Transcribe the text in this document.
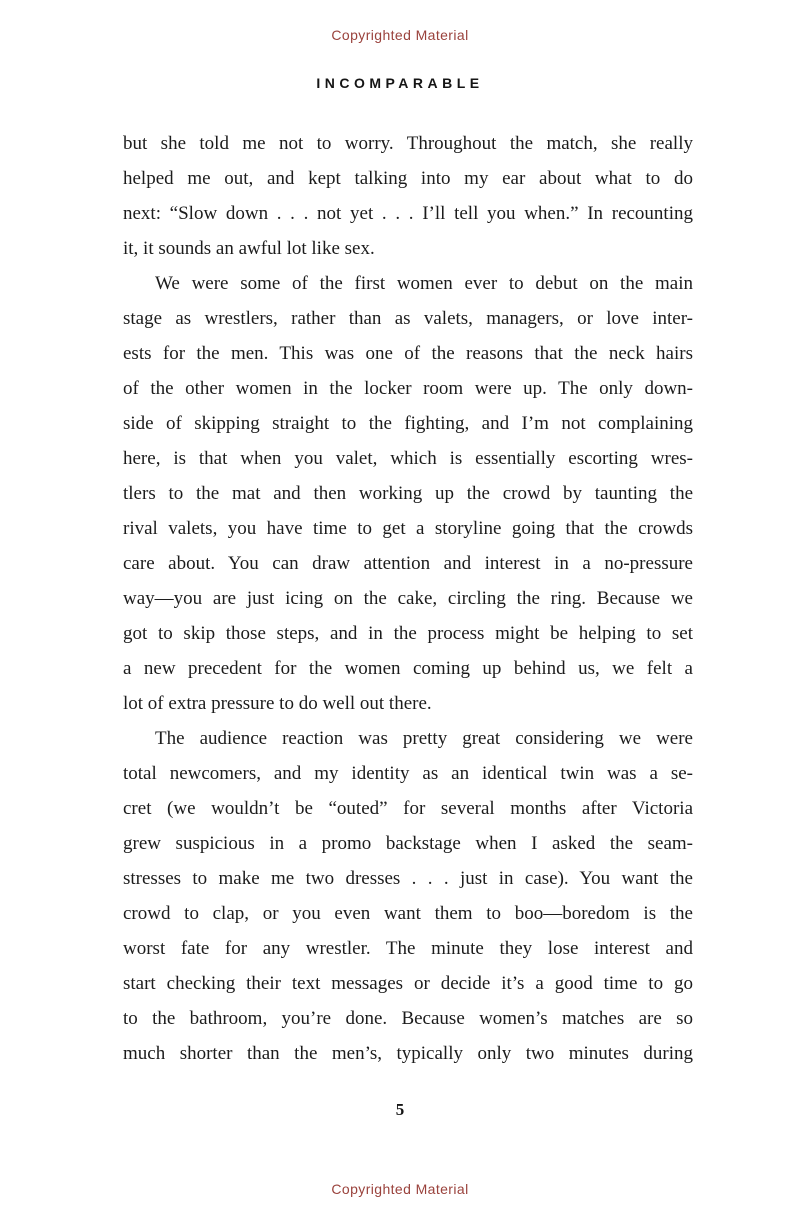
Copyrighted Material
INCOMPARABLE
but she told me not to worry. Throughout the match, she really
helped me out, and kept talking into my ear about what to do
next: “Slow down . . . not yet . . . I’ll tell you when.” In recounting
it, it sounds an awful lot like sex.
We were some of the first women ever to debut on the main
stage as wrestlers, rather than as valets, managers, or love inter-
ests for the men. This was one of the reasons that the neck hairs
of the other women in the locker room were up. The only down-
side of skipping straight to the fighting, and I’m not complaining
here, is that when you valet, which is essentially escorting wres-
tlers to the mat and then working up the crowd by taunting the
rival valets, you have time to get a storyline going that the crowds
care about. You can draw attention and interest in a no-pressure
way—you are just icing on the cake, circling the ring. Because we
got to skip those steps, and in the process might be helping to set
a new precedent for the women coming up behind us, we felt a
lot of extra pressure to do well out there.
The audience reaction was pretty great considering we were
total newcomers, and my identity as an identical twin was a se-
cret (we wouldn’t be “outed” for several months after Victoria
grew suspicious in a promo backstage when I asked the seam-
stresses to make me two dresses . . . just in case). You want the
crowd to clap, or you even want them to boo—boredom is the
worst fate for any wrestler. The minute they lose interest and
start checking their text messages or decide it’s a good time to go
to the bathroom, you’re done. Because women’s matches are so
much shorter than the men’s, typically only two minutes during
5
Copyrighted Material
